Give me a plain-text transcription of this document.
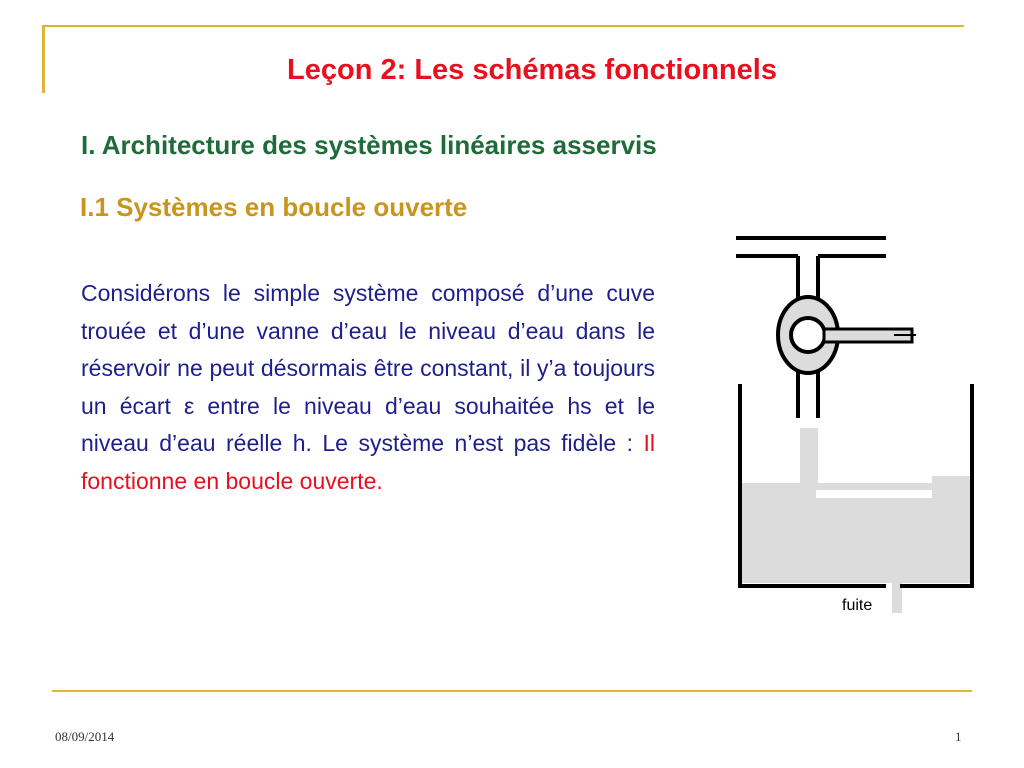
Leçon 2: Les schémas fonctionnels
I. Architecture des systèmes linéaires asservis
I.1 Systèmes en boucle ouverte
Considérons le simple système composé d’une cuve trouée et d’une vanne d’eau le niveau d’eau dans le réservoir ne peut désormais être constant, il y’a toujours un écart ε entre le niveau d’eau souhaitée hs et le niveau d’eau réelle h. Le système n’est pas fidèle : Il fonctionne en boucle ouverte.
fuite
08/09/2014	1
